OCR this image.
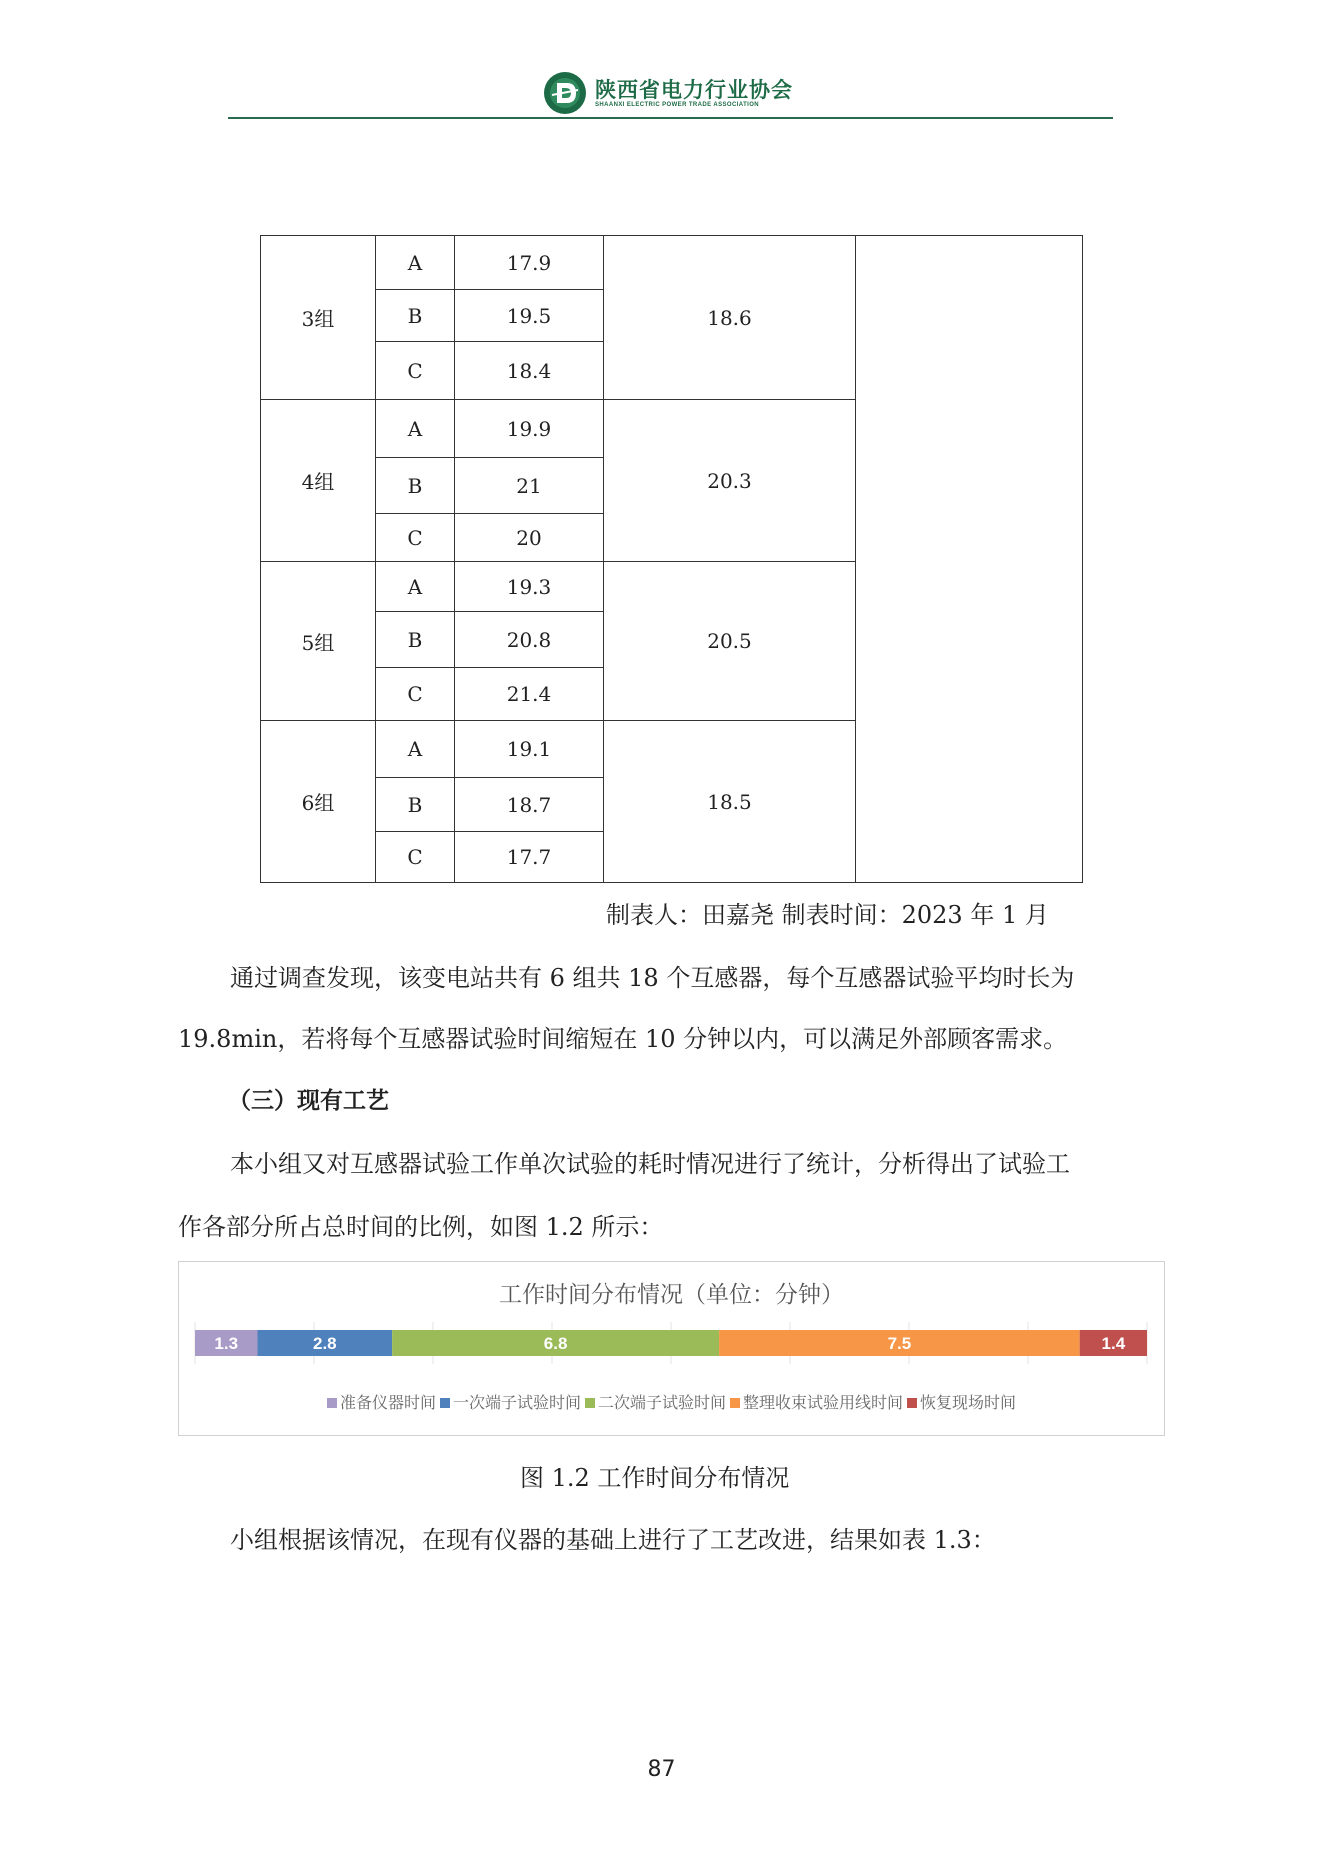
陕西省电力行业协会
SHAANXI ELECTRIC POWER TRADE ASSOCIATION
3组	A	17.9	18.6	
	B	19.5		
	C	18.4		
4组	A	19.9	20.3	
	B	21		
	C	20		
5组	A	19.3	20.5	
	B	20.8		
	C	21.4		
6组	A	19.1	18.5	
	B	18.7		
	C	17.7		
制表人：田嘉尧 制表时间：2023 年 1 月
通过调查发现，该变电站共有 6 组共 18 个互感器，每个互感器试验平均时长为
19.8min，若将每个互感器试验时间缩短在 10 分钟以内，可以满足外部顾客需求。
（三）现有工艺
本小组又对互感器试验工作单次试验的耗时情况进行了统计，分析得出了试验工
作各部分所占总时间的比例，如图 1.2 所示：
工作时间分布情况（单位：分钟）
1.3	2.8	6.8	7.5	1.4
准备仪器时间 一次端子试验时间 二次端子试验时间 整理收束试验用线时间 恢复现场时间
图 1.2 工作时间分布情况
小组根据该情况，在现有仪器的基础上进行了工艺改进，结果如表 1.3：
87
